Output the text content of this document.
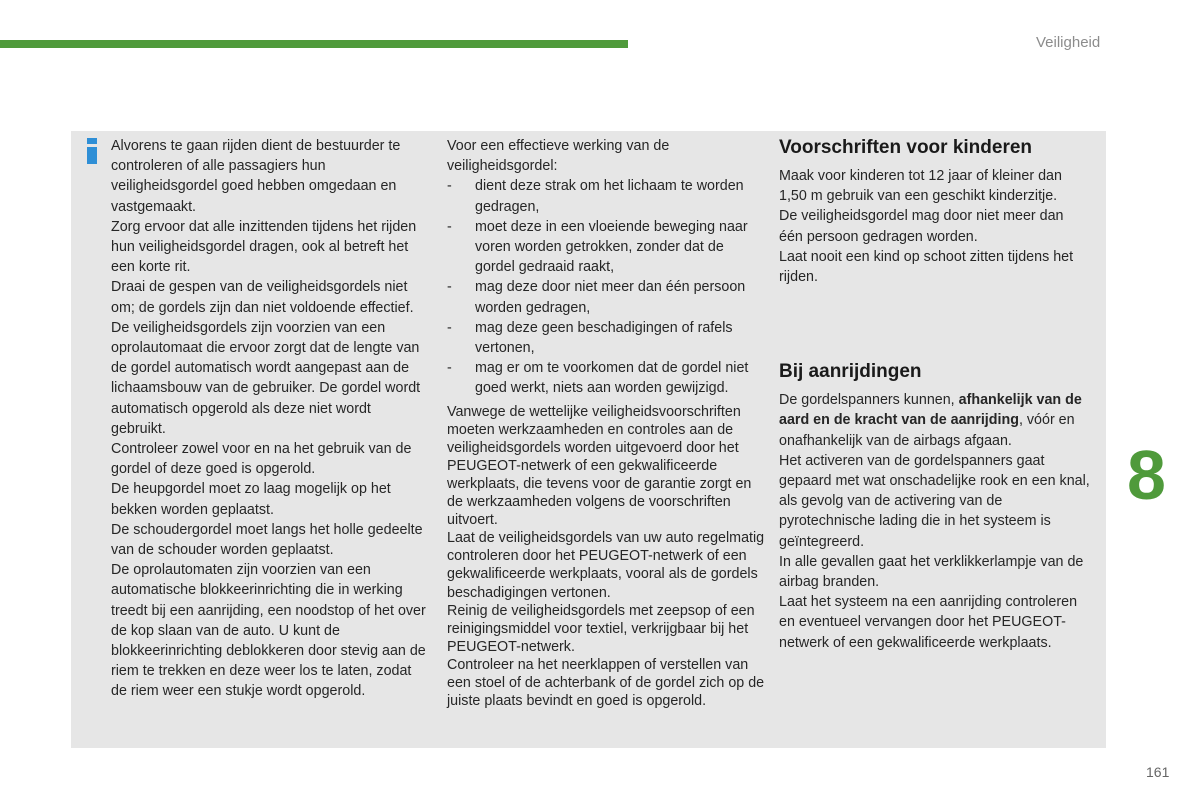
Veiligheid

Alvorens te gaan rijden dient de bestuurder te controleren of alle passagiers hun veiligheidsgordel goed hebben omgedaan en vastgemaakt.

Zorg ervoor dat alle inzittenden tijdens het rijden hun veiligheidsgordel dragen, ook al betreft het een korte rit.

Draai de gespen van de veiligheidsgordels niet om; de gordels zijn dan niet voldoende effectief.

De veiligheidsgordels zijn voorzien van een oprolautomaat die ervoor zorgt dat de lengte van de gordel automatisch wordt aangepast aan de lichaamsbouw van de gebruiker. De gordel wordt automatisch opgerold als deze niet wordt gebruikt.

Controleer zowel voor en na het gebruik van de gordel of deze goed is opgerold.

De heupgordel moet zo laag mogelijk op het bekken worden geplaatst.

De schoudergordel moet langs het holle gedeelte van de schouder worden geplaatst.

De oprolautomaten zijn voorzien van een automatische blokkeerinrichting die in werking treedt bij een aanrijding, een noodstop of het over de kop slaan van de auto. U kunt de blokkeerinrichting deblokkeren door stevig aan de riem te trekken en deze weer los te laten, zodat de riem weer een stukje wordt opgerold.

Voor een effectieve werking van de veiligheidsgordel:

- dient deze strak om het lichaam te worden gedragen,
- moet deze in een vloeiende beweging naar voren worden getrokken, zonder dat de gordel gedraaid raakt,
- mag deze door niet meer dan één persoon worden gedragen,
- mag deze geen beschadigingen of rafels vertonen,
- mag er om te voorkomen dat de gordel niet goed werkt, niets aan worden gewijzigd.

Vanwege de wettelijke veiligheidsvoorschriften moeten werkzaamheden en controles aan de veiligheidsgordels worden uitgevoerd door het PEUGEOT-netwerk of een gekwalificeerde werkplaats, die tevens voor de garantie zorgt en de werkzaamheden volgens de voorschriften uitvoert.

Laat de veiligheidsgordels van uw auto regelmatig controleren door het PEUGEOT-netwerk of een gekwalificeerde werkplaats, vooral als de gordels beschadigingen vertonen.

Reinig de veiligheidsgordels met zeepsop of een reinigingsmiddel voor textiel, verkrijgbaar bij het PEUGEOT-netwerk.

Controleer na het neerklappen of verstellen van een stoel of de achterbank of de gordel zich op de juiste plaats bevindt en goed is opgerold.

Voorschriften voor kinderen

Maak voor kinderen tot 12 jaar of kleiner dan 1,50 m gebruik van een geschikt kinderzitje.

De veiligheidsgordel mag door niet meer dan één persoon gedragen worden.

Laat nooit een kind op schoot zitten tijdens het rijden.

Bij aanrijdingen

De gordelspanners kunnen, afhankelijk van de aard en de kracht van de aanrijding, vóór en onafhankelijk van de airbags afgaan.

Het activeren van de gordelspanners gaat gepaard met wat onschadelijke rook en een knal, als gevolg van de activering van de pyrotechnische lading die in het systeem is geïntegreerd.

In alle gevallen gaat het verklikkerlampje van de airbag branden.

Laat het systeem na een aanrijding controleren en eventueel vervangen door het PEUGEOT-netwerk of een gekwalificeerde werkplaats.

8
161
